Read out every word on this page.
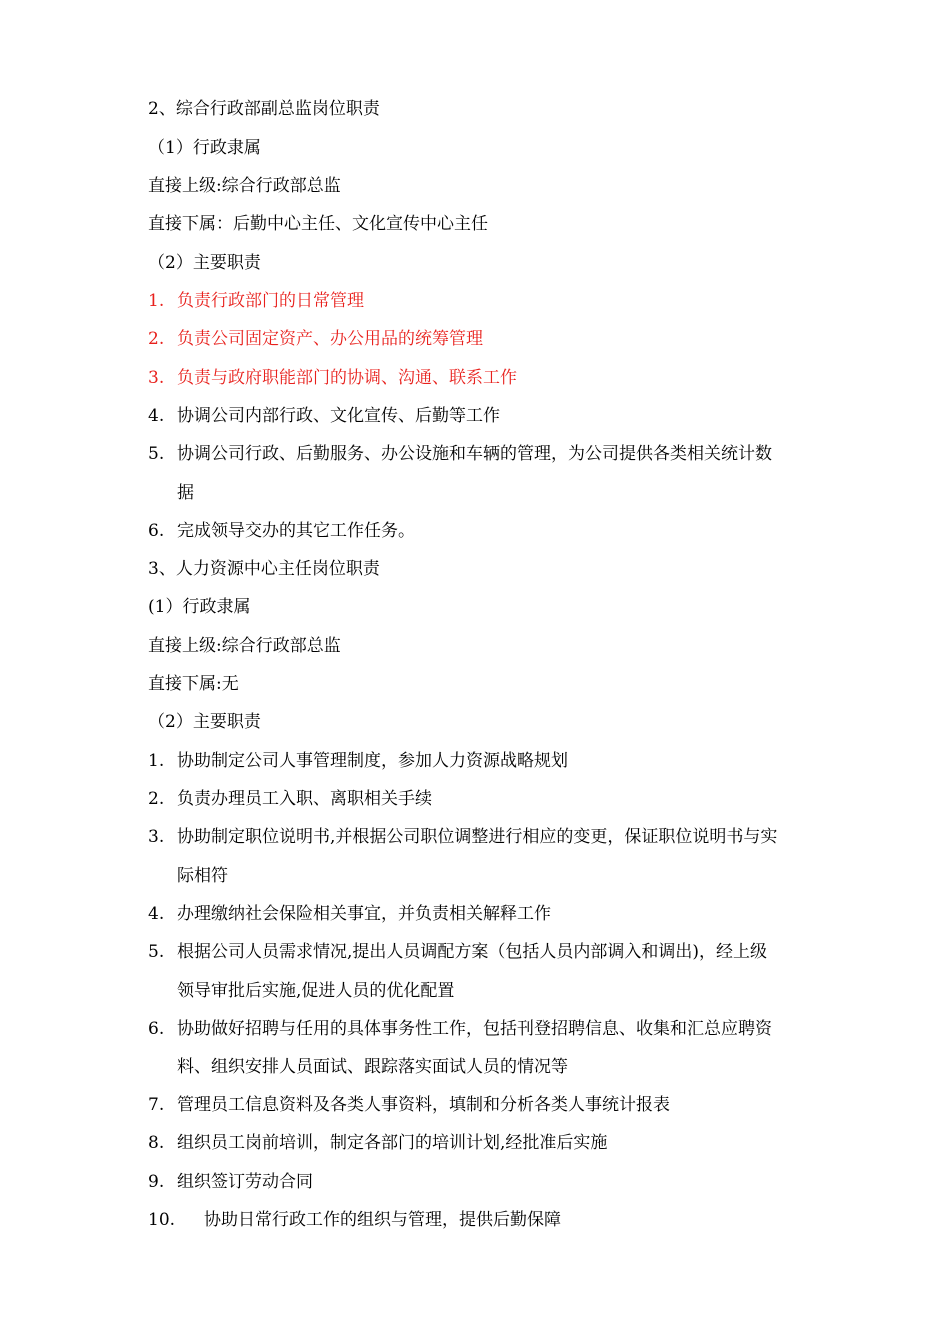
2、综合行政部副总监岗位职责
（1）行政隶属
直接上级:综合行政部总监
直接下属：后勤中心主任、文化宣传中心主任
（2）主要职责
1. 负责行政部门的日常管理
2. 负责公司固定资产、办公用品的统筹管理
3. 负责与政府职能部门的协调、沟通、联系工作
4. 协调公司内部行政、文化宣传、后勤等工作
5. 协调公司行政、后勤服务、办公设施和车辆的管理，为公司提供各类相关统计数
据
6. 完成领导交办的其它工作任务。
3、人力资源中心主任岗位职责
(1）行政隶属
直接上级:综合行政部总监
直接下属:无
（2）主要职责
1. 协助制定公司人事管理制度，参加人力资源战略规划
2. 负责办理员工入职、离职相关手续
3. 协助制定职位说明书,并根据公司职位调整进行相应的变更，保证职位说明书与实
际相符
4. 办理缴纳社会保险相关事宜，并负责相关解释工作
5. 根据公司人员需求情况,提出人员调配方案（包括人员内部调入和调出)，经上级
领导审批后实施,促进人员的优化配置
6. 协助做好招聘与任用的具体事务性工作，包括刊登招聘信息、收集和汇总应聘资
料、组织安排人员面试、跟踪落实面试人员的情况等
7. 管理员工信息资料及各类人事资料，填制和分析各类人事统计报表
8. 组织员工岗前培训，制定各部门的培训计划,经批准后实施
9. 组织签订劳动合同
10. 协助日常行政工作的组织与管理，提供后勤保障
